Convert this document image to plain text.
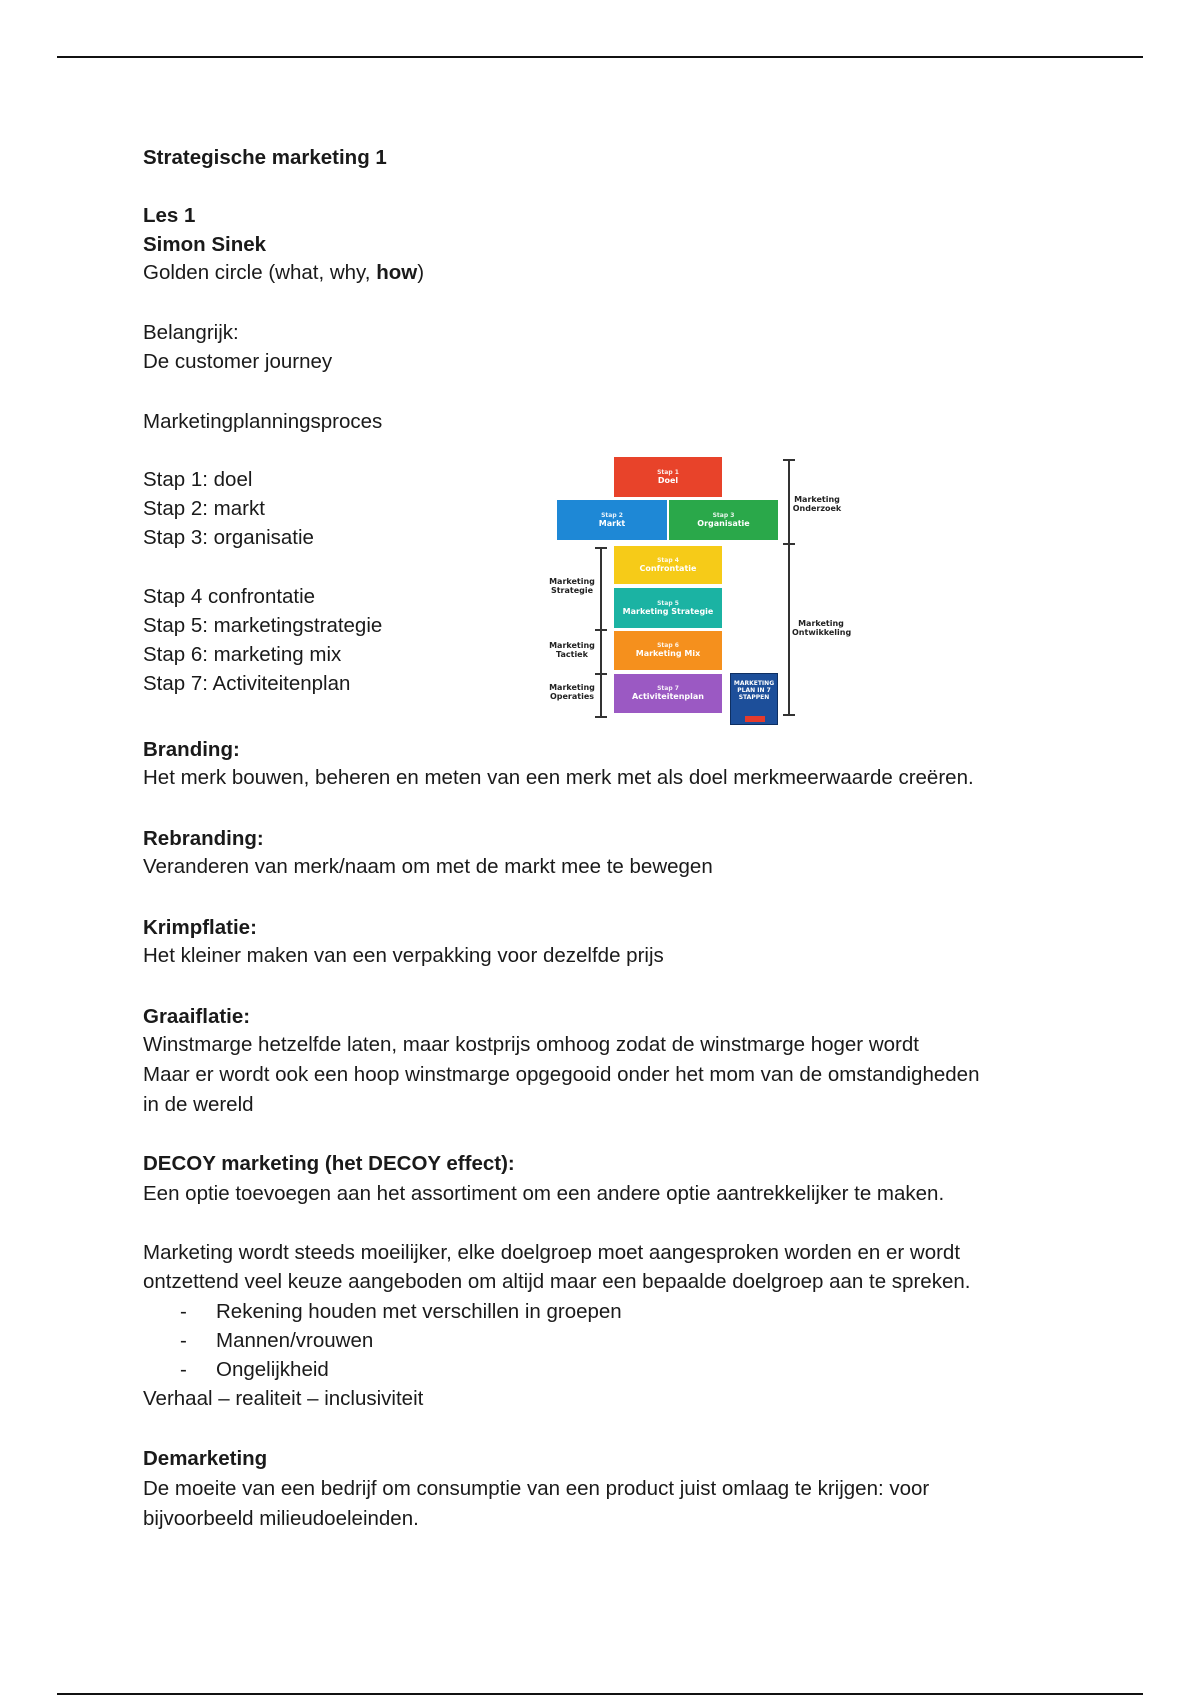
Strategische marketing 1
Les 1
Simon Sinek
Golden circle (what, why, how)
Belangrijk:
De customer journey
Marketingplanningsproces
Stap 1: doel
Stap 2: markt
Stap 3: organisatie
Stap 4 confrontatie
Stap 5: marketingstrategie
Stap 6: marketing mix
Stap 7: Activiteitenplan
Branding:
Het merk bouwen, beheren en meten van een merk met als doel merkmeerwaarde creëren.
Rebranding:
Veranderen van merk/naam om met de markt mee te bewegen
Krimpflatie:
Het kleiner maken van een verpakking voor dezelfde prijs
Graaiflatie:
Winstmarge hetzelfde laten, maar kostprijs omhoog zodat de winstmarge hoger wordt
Maar er wordt ook een hoop winstmarge opgegooid onder het mom van de omstandigheden
in de wereld
DECOY marketing (het DECOY effect):
Een optie toevoegen aan het assortiment om een andere optie aantrekkelijker te maken.
Marketing wordt steeds moeilijker, elke doelgroep moet aangesproken worden en er wordt
ontzettend veel keuze aangeboden om altijd maar een bepaalde doelgroep aan te spreken.
- Rekening houden met verschillen in groepen
- Mannen/vrouwen
- Ongelijkheid
Verhaal – realiteit – inclusiviteit
Demarketing
De moeite van een bedrijf om consumptie van een product juist omlaag te krijgen: voor
bijvoorbeeld milieudoeleinden.
Stap 1
Doel
Stap 2
Markt
Stap 3
Organisatie
Stap 4
Confrontatie
Stap 5
Marketing Strategie
Stap 6
Marketing Mix
Stap 7
Activiteitenplan
Marketing Strategie
Marketing Tactiek
Marketing Operaties
Marketing Onderzoek
Marketing Ontwikkeling
MARKETING PLAN IN 7 STAPPEN
